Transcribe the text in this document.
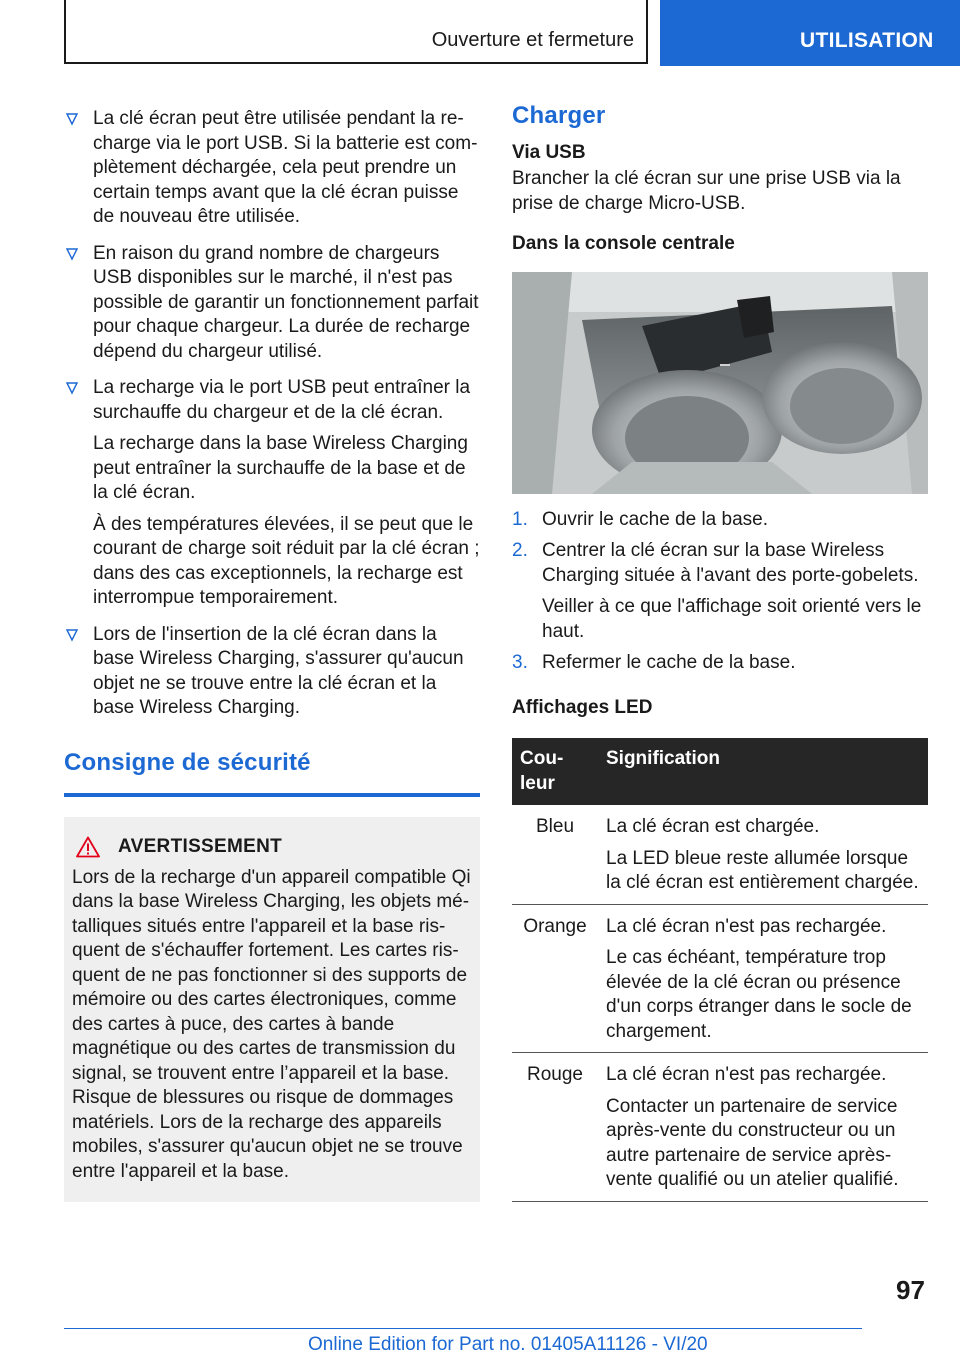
Ouverture et fermeture	UTILISATION

La clé écran peut être utilisée pendant la recharge via le port USB. Si la batterie est complètement déchargée, cela peut prendre un certain temps avant que la clé écran puisse de nouveau être utilisée.

En raison du grand nombre de chargeurs USB disponibles sur le marché, il n'est pas possible de garantir un fonctionnement parfait pour chaque chargeur. La durée de recharge dépend du chargeur utilisé.

La recharge via le port USB peut entraîner la surchauffe du chargeur et de la clé écran.

La recharge dans la base Wireless Charging peut entraîner la surchauffe de la base et de la clé écran.

À des températures élevées, il se peut que le courant de charge soit réduit par la clé écran ; dans des cas exceptionnels, la recharge est interrompue temporairement.

Lors de l'insertion de la clé écran dans la base Wireless Charging, s'assurer qu'aucun objet ne se trouve entre la clé écran et la base Wireless Charging.

Consigne de sécurité
AVERTISSEMENT

Lors de la recharge d'un appareil compatible Qi dans la base Wireless Charging, les objets métalliques situés entre l'appareil et la base risquent de s'échauffer fortement. Les cartes risquent de ne pas fonctionner si des supports de mémoire ou des cartes électroniques, comme des cartes à puce, des cartes à bande magnétique ou des cartes de transmission du signal, se trouvent entre l’appareil et la base. Risque de blessures ou risque de dommages matériels. Lors de la recharge des appareils mobiles, s'assurer qu'aucun objet ne se trouve entre l'appareil et la base.

Charger
Via USB

Brancher la clé écran sur une prise USB via la prise de charge Micro-USB.

Dans la console centrale
1. Ouvrir le cache de la base.

2. Centrer la clé écran sur la base Wireless Charging située à l'avant des porte-gobelets.

Veiller à ce que l'affichage soit orienté vers le haut.

3. Refermer le cache de la base.

Affichages LED
Couleur	Signification
Bleu	La clé écran est chargée.

La LED bleue reste allumée lorsque la clé écran est entièrement chargée.

Orange	La clé écran n'est pas rechargée.

Le cas échéant, température trop élevée de la clé écran ou présence d'un corps étranger dans le socle de chargement.

Rouge	La clé écran n'est pas rechargée.

Contacter un partenaire de service après-vente du constructeur ou un autre partenaire de service après-vente qualifié ou un atelier qualifié.

97
Online Edition for Part no. 01405A11126 - VI/20
